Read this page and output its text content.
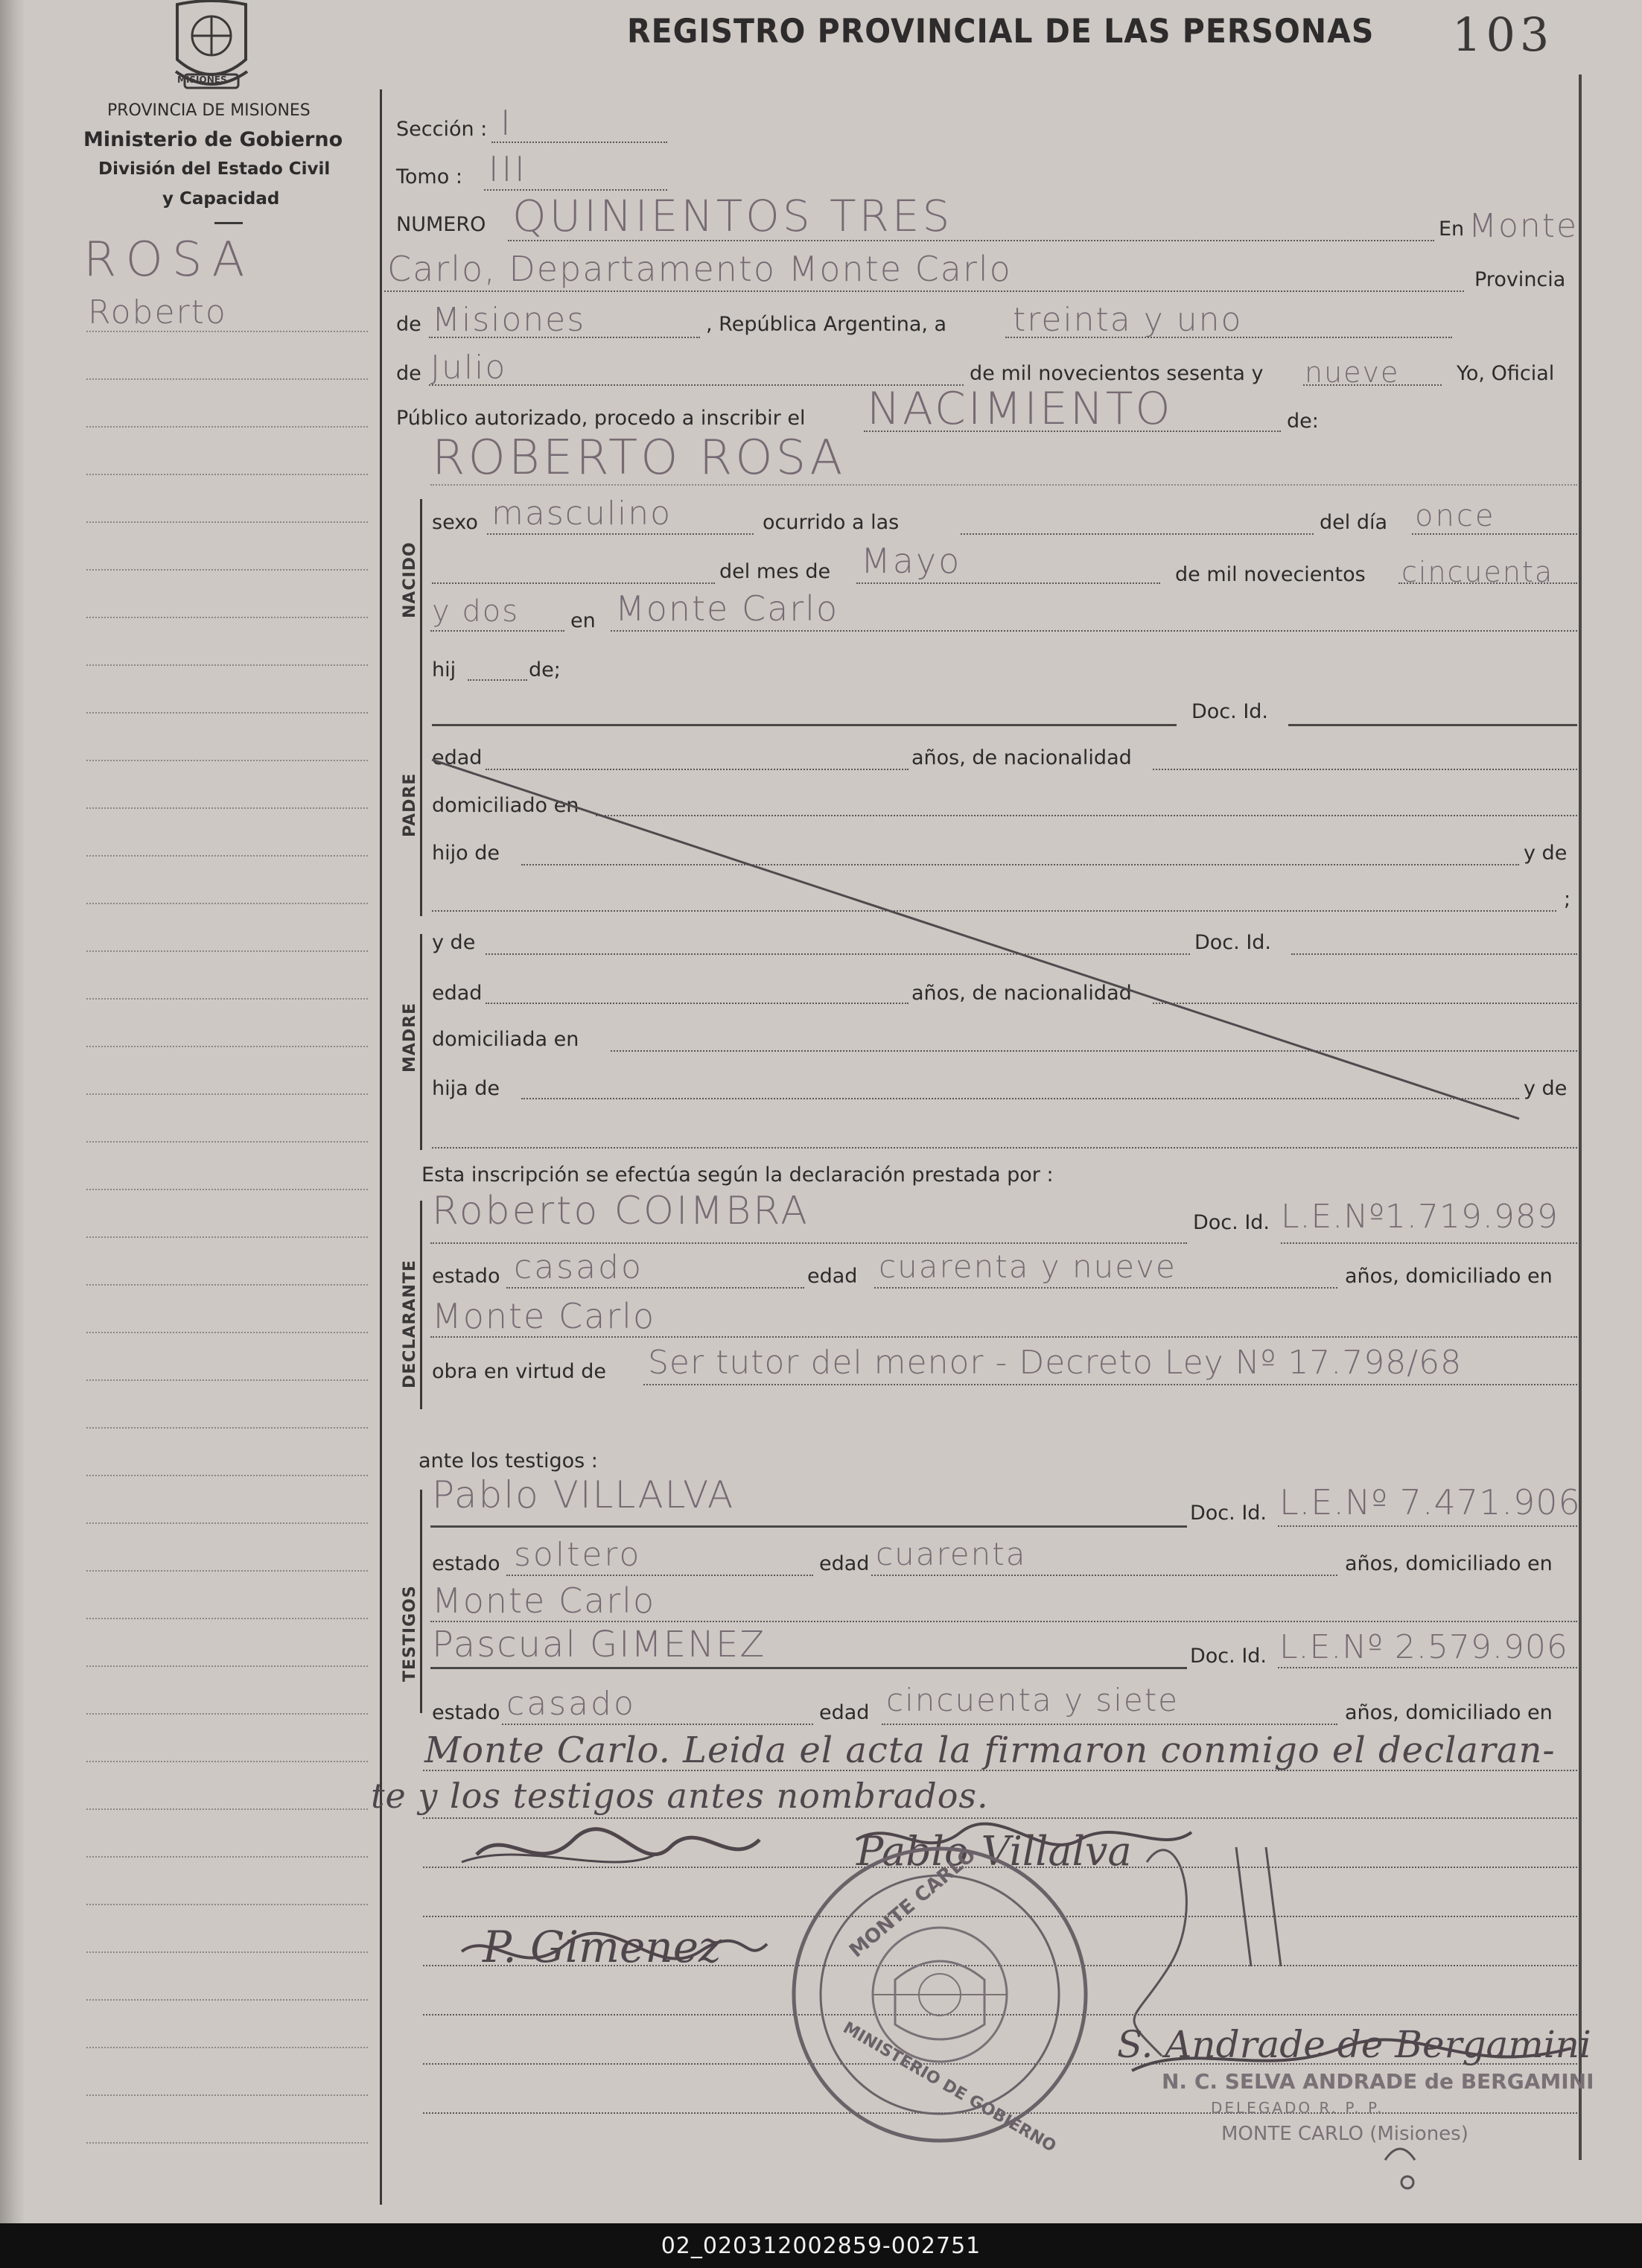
MISIONES
REGISTRO PROVINCIAL DE LAS PERSONAS 103
PROVINCIA DE MISIONES
Ministerio de Gobierno
División del Estado Civil
y Capacidad
ROSA
Roberto
Sección : I
Tomo : III
NUMERO QUINIENTOS TRES	En Monte
Carlo, Departamento Monte Carlo	Provincia
de Misiones	, República Argentina, a treinta y uno
de Julio	de mil novecientos sesenta y nueve	Yo, Oficial
Público autorizado, procedo a inscribir el NACIMIENTO	de:
ROBERTO ROSA
NACIDO
sexo masculino	ocurrido a las	del día once
del mes de Mayo	de mil novecientos cincuenta
y dos	en Monte Carlo
hij	de;
PADRE
Doc. Id.
edad	años, de nacionalidad
domiciliado en
hijo de	y de
;
MADRE
y de	Doc. Id.
edad	años, de nacionalidad
domiciliada en
hija de	y de
Esta inscripción se efectúa según la declaración prestada por :
DECLARANTE
Roberto COIMBRA	Doc. Id. L.E.Nº1.719.989
estado casado	edad cuarenta y nueve	años, domiciliado en
Monte Carlo
obra en virtud de Ser tutor del menor - Decreto Ley Nº 17.798/68
ante los testigos :
TESTIGOS
Pablo VILLALVA	Doc. Id. L.E.Nº 7.471.906
estado soltero	edad cuarenta	años, domiciliado en
Monte Carlo
Pascual GIMENEZ	Doc. Id. L.E.Nº 2.579.906
estado casado	edad cincuenta y siete	años, domiciliado en
Monte Carlo. Leida el acta la firmaron conmigo el declaran-
te y los testigos antes nombrados.
Pablo Villalva
P. Gimenez
S. Andrade de Bergamini
MONTE CARLO
MINISTERIO DE GOBIERNO	N. C. SELVA ANDRADE de BERGAMINI
DELEGADO R. P. P.
MONTE CARLO (Misiones)
02_020312002859-002751
